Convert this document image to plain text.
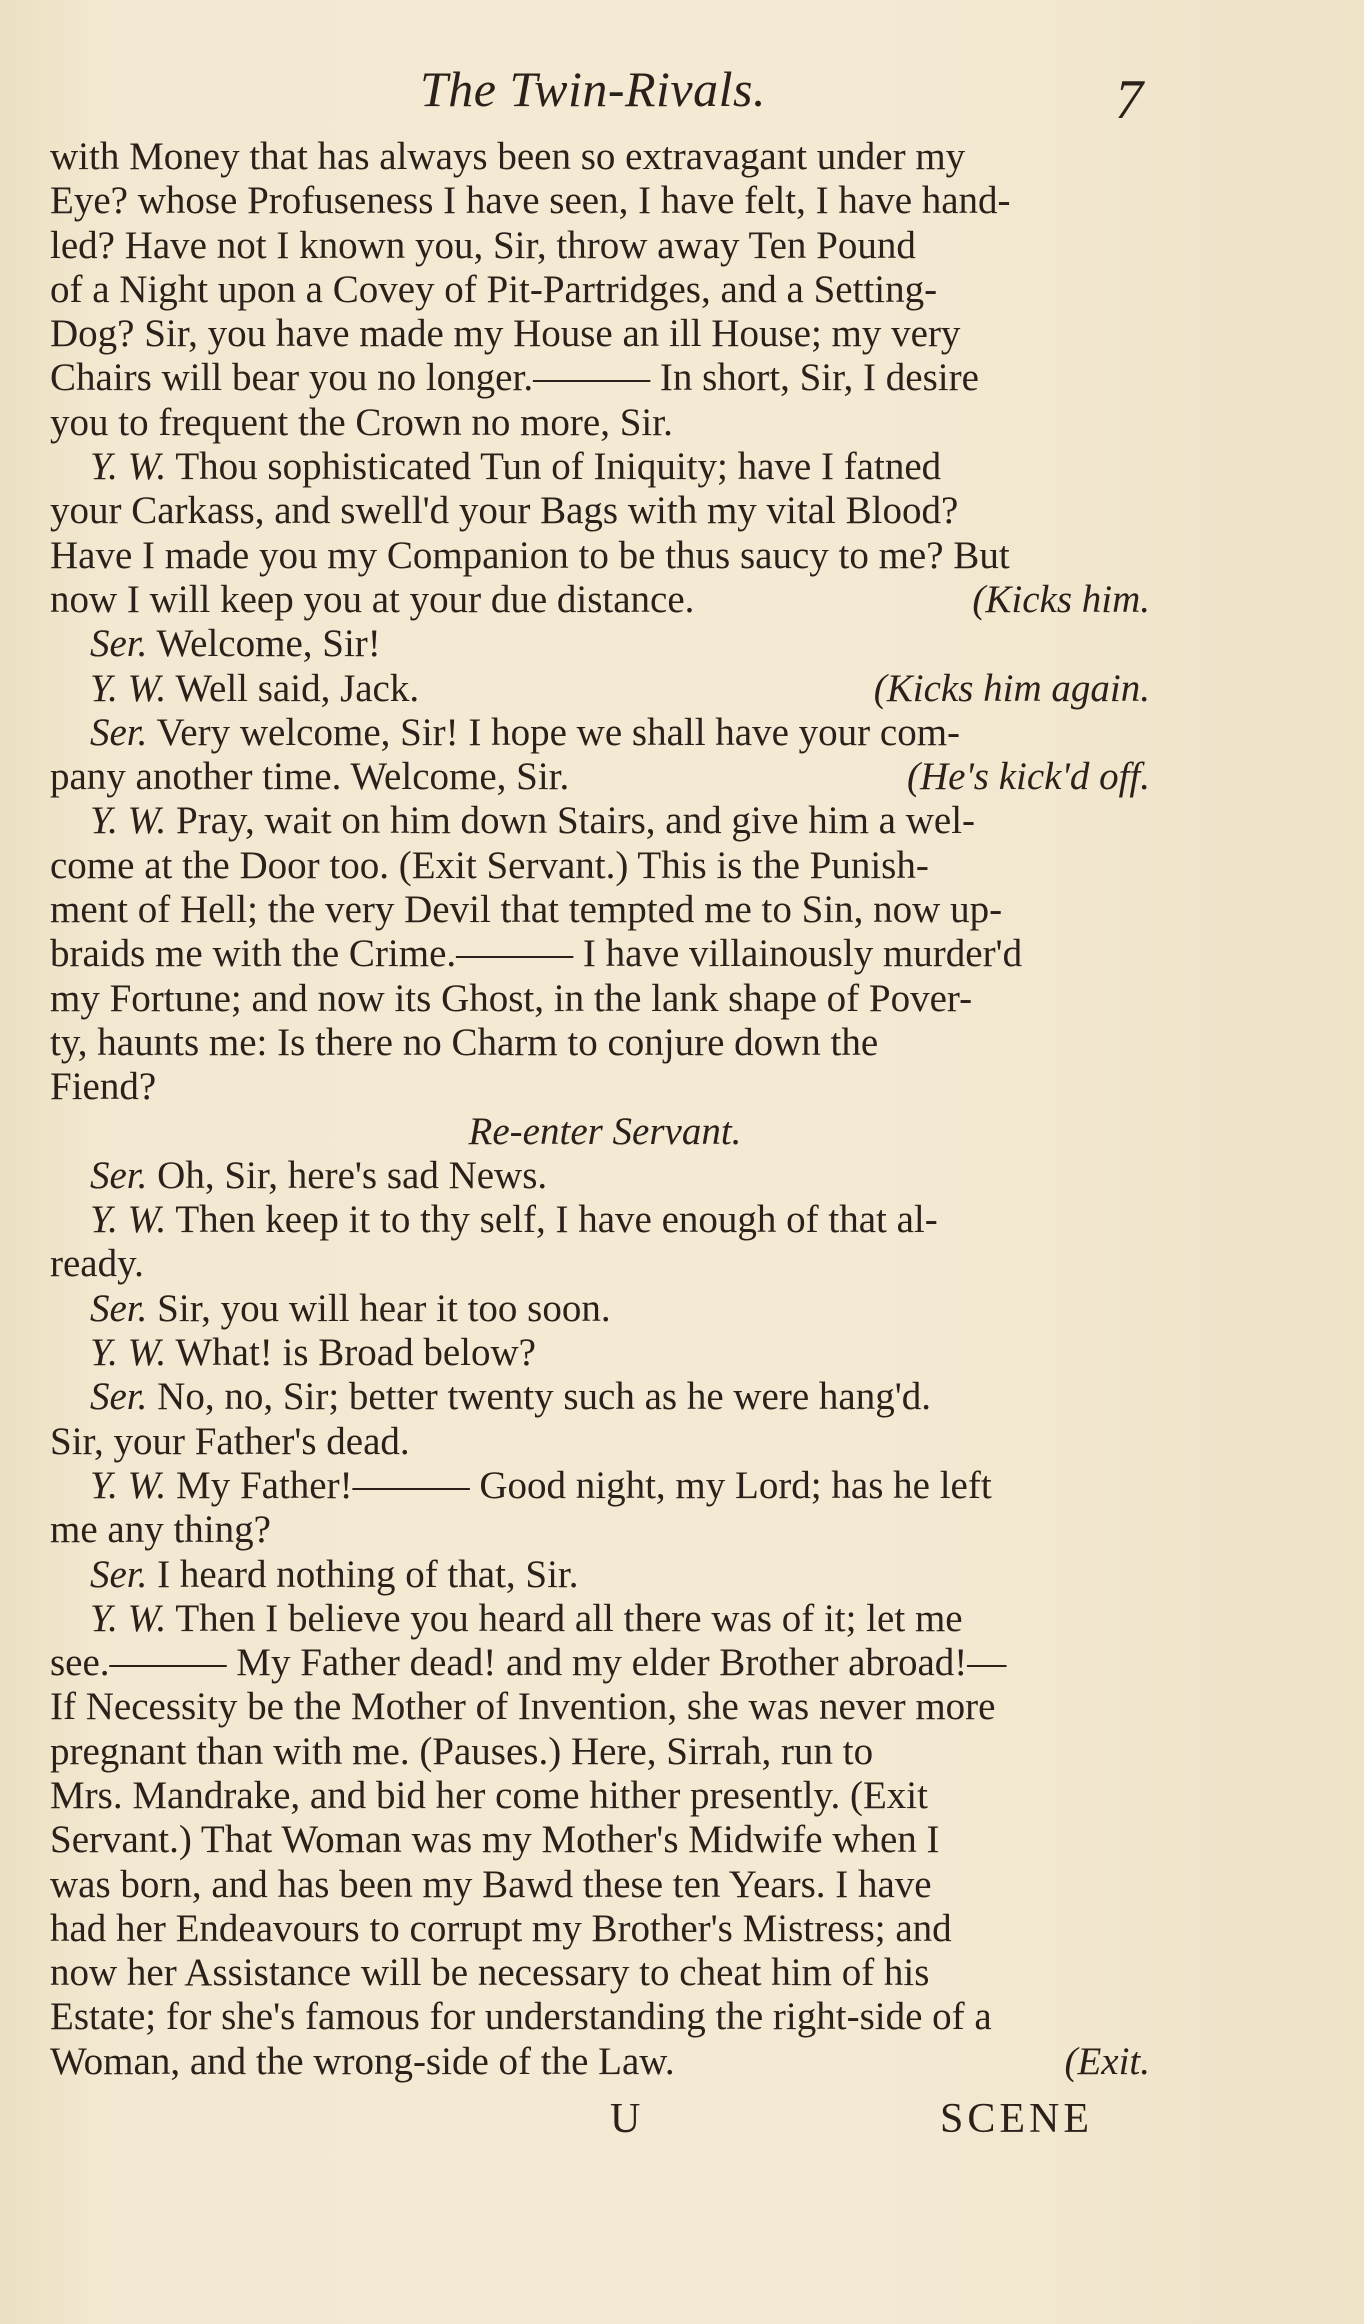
The Twin-Rivals.	7
with Money that has always been so extravagant under my
Eye? whose Profuseness I have seen, I have felt, I have hand-
led? Have not I known you, Sir, throw away Ten Pound
of a Night upon a Covey of Pit-Partridges, and a Setting-
Dog? Sir, you have made my House an ill House; my very
Chairs will bear you no longer.——— In short, Sir, I desire
you to frequent the Crown no more, Sir.
Y. W. Thou sophisticated Tun of Iniquity; have I fatned
your Carkass, and swell'd your Bags with my vital Blood?
Have I made you my Companion to be thus saucy to me? But
(Kicks him.
now I will keep you at your due distance.
Ser. Welcome, Sir!
(Kicks him again.
Y. W. Well said, Jack.
Ser. Very welcome, Sir! I hope we shall have your com-
(He's kick'd off.
pany another time. Welcome, Sir.
Y. W. Pray, wait on him down Stairs, and give him a wel-
come at the Door too. (Exit Servant.) This is the Punish-
ment of Hell; the very Devil that tempted me to Sin, now up-
braids me with the Crime.——— I have villainously murder'd
my Fortune; and now its Ghost, in the lank shape of Pover-
ty, haunts me: Is there no Charm to conjure down the
Fiend?
Re-enter Servant.
Ser. Oh, Sir, here's sad News.
Y. W. Then keep it to thy self, I have enough of that al-
ready.
Ser. Sir, you will hear it too soon.
Y. W. What! is Broad below?
Ser. No, no, Sir; better twenty such as he were hang'd.
Sir, your Father's dead.
Y. W. My Father!——— Good night, my Lord; has he left
me any thing?
Ser. I heard nothing of that, Sir.
Y. W. Then I believe you heard all there was of it; let me
see.——— My Father dead! and my elder Brother abroad!—
If Necessity be the Mother of Invention, she was never more
pregnant than with me. (Pauses.) Here, Sirrah, run to
Mrs. Mandrake, and bid her come hither presently. (Exit
Servant.) That Woman was my Mother's Midwife when I
was born, and has been my Bawd these ten Years. I have
had her Endeavours to corrupt my Brother's Mistress; and
now her Assistance will be necessary to cheat him of his
Estate; for she's famous for understanding the right-side of a
(Exit.
Woman, and the wrong-side of the Law.
U	SCENE
